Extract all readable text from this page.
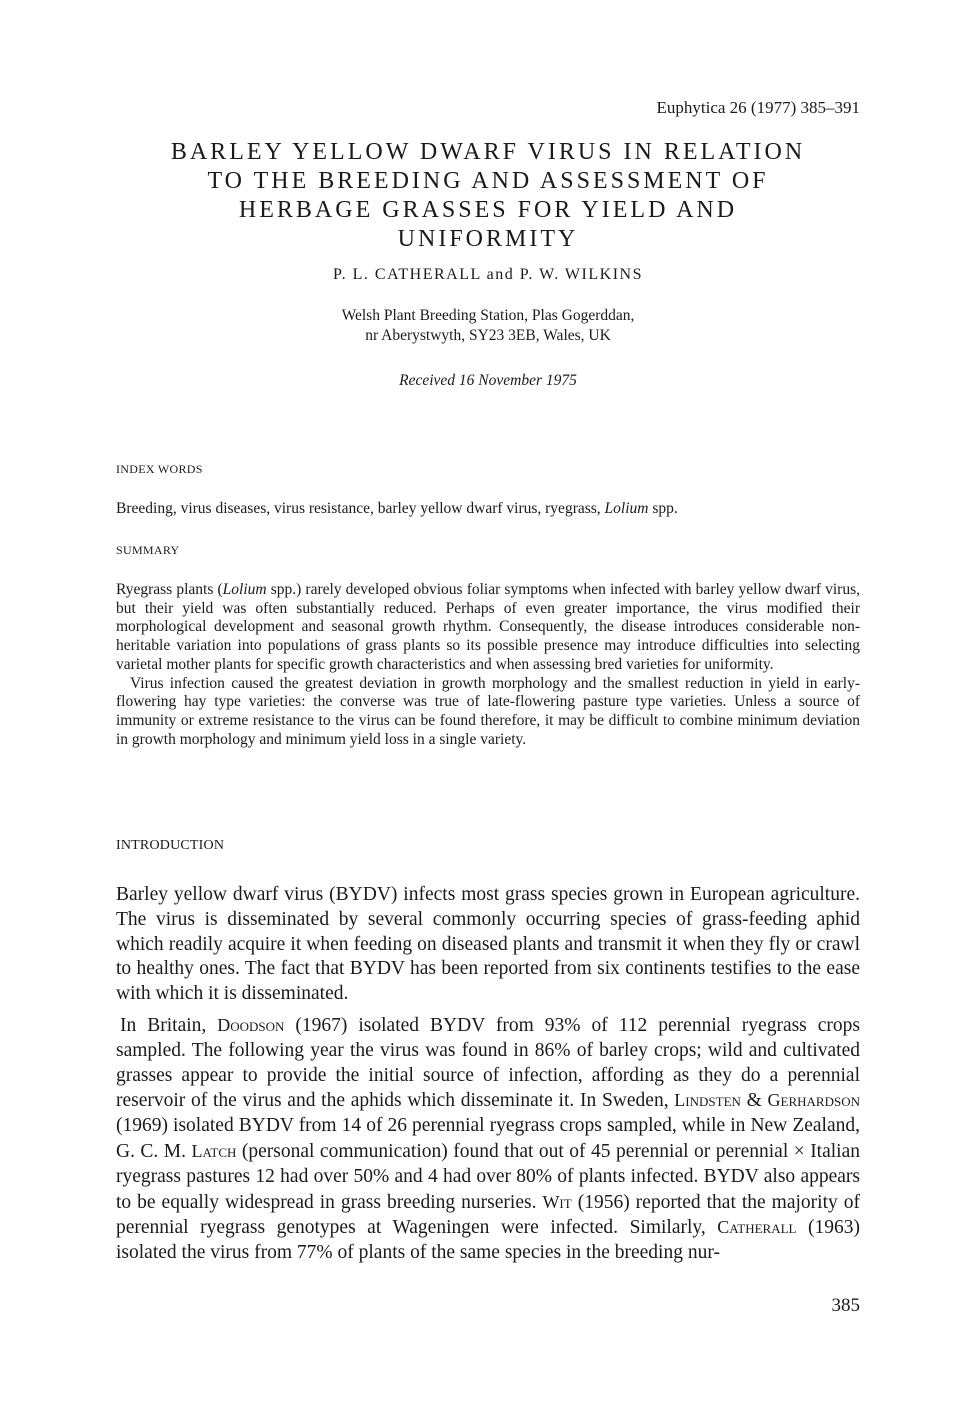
Euphytica 26 (1977) 385–391
BARLEY YELLOW DWARF VIRUS IN RELATION
TO THE BREEDING AND ASSESSMENT OF
HERBAGE GRASSES FOR YIELD AND
UNIFORMITY
P. L. CATHERALL and P. W. WILKINS
Welsh Plant Breeding Station, Plas Gogerddan,
nr Aberystwyth, SY23 3EB, Wales, UK
Received 16 November 1975
INDEX WORDS
Breeding, virus diseases, virus resistance, barley yellow dwarf virus, ryegrass, Lolium spp.
SUMMARY

Ryegrass plants (Lolium spp.) rarely developed obvious foliar symptoms when infected with barley yellow dwarf virus, but their yield was often substantially reduced. Perhaps of even greater importance, the virus modified their morphological development and seasonal growth rhythm. Consequently, the disease introduces considerable non-heritable variation into populations of grass plants so its possible presence may introduce difficulties into selecting varietal mother plants for specific growth characteristics and when assessing bred varieties for uniformity.

Virus infection caused the greatest deviation in growth morphology and the smallest reduction in yield in early-flowering hay type varieties: the converse was true of late-flowering pasture type varieties. Unless a source of immunity or extreme resistance to the virus can be found therefore, it may be difficult to combine minimum deviation in growth morphology and minimum yield loss in a single variety.

INTRODUCTION

Barley yellow dwarf virus (BYDV) infects most grass species grown in European agriculture. The virus is disseminated by several commonly occurring species of grass-feeding aphid which readily acquire it when feeding on diseased plants and transmit it when they fly or crawl to healthy ones. The fact that BYDV has been reported from six continents testifies to the ease with which it is disseminated.

In Britain, Doodson (1967) isolated BYDV from 93% of 112 perennial ryegrass crops sampled. The following year the virus was found in 86% of barley crops; wild and cultivated grasses appear to provide the initial source of infection, affording as they do a perennial reservoir of the virus and the aphids which disseminate it. In Sweden, Lindsten & Gerhardson (1969) isolated BYDV from 14 of 26 perennial ryegrass crops sampled, while in New Zealand, G. C. M. Latch (personal communication) found that out of 45 perennial or perennial × Italian ryegrass pastures 12 had over 50% and 4 had over 80% of plants infected. BYDV also appears to be equally widespread in grass breeding nurseries. Wit (1956) reported that the majority of perennial ryegrass genotypes at Wageningen were infected. Similarly, Catherall (1963) isolated the virus from 77% of plants of the same species in the breeding nur-

385
